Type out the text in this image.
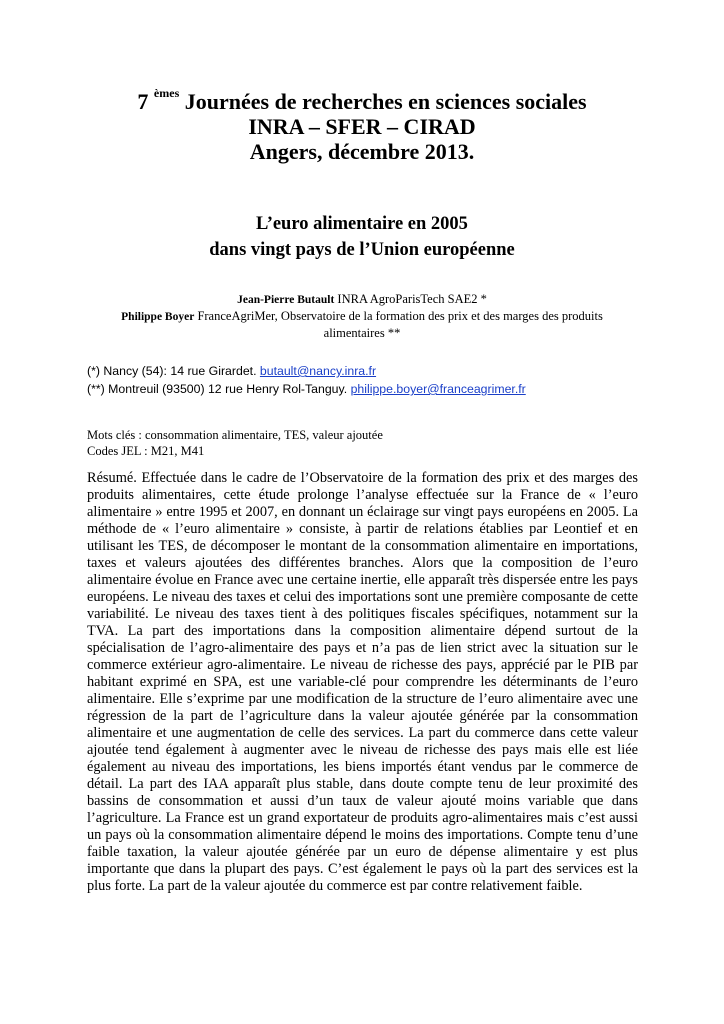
7 $^{èmes}$ Journées de recherches en sciences sociales
INRA – SFER – CIRAD
Angers, décembre 2013.
L’euro alimentaire en 2005
dans vingt pays de l’Union européenne
Jean-Pierre Butault INRA AgroParisTech SAE2 *
Philippe Boyer FranceAgriMer, Observatoire de la formation des prix et des marges des produits alimentaires **
(*) Nancy (54): 14 rue Girardet. butault@nancy.inra.fr
(**) Montreuil (93500) 12 rue Henry Rol-Tanguy. philippe.boyer@franceagrimer.fr
Mots clés : consommation alimentaire, TES, valeur ajoutée
Codes JEL : M21, M41
Résumé. Effectuée dans le cadre de l’Observatoire de la formation des prix et des marges des produits alimentaires, cette étude prolonge l’analyse effectuée sur la France de « l’euro alimentaire » entre 1995 et 2007, en donnant un éclairage sur vingt pays européens en 2005. La méthode de « l’euro alimentaire » consiste, à partir de relations établies par Leontief et en utilisant les TES, de décomposer le montant de la consommation alimentaire en importations, taxes et valeurs ajoutées des différentes branches. Alors que la composition de l’euro alimentaire évolue en France avec une certaine inertie, elle apparaît très dispersée entre les pays européens. Le niveau des taxes et celui des importations sont une première composante de cette variabilité. Le niveau des taxes tient à des politiques fiscales spécifiques, notamment sur la TVA. La part des importations dans la composition alimentaire dépend surtout de la spécialisation de l’agro-alimentaire des pays et n’a pas de lien strict avec la situation sur le commerce extérieur agro-alimentaire. Le niveau de richesse des pays, apprécié par le PIB par habitant exprimé en SPA, est une variable-clé pour comprendre les déterminants de l’euro alimentaire. Elle s’exprime par une modification de la structure de l’euro alimentaire avec une régression de la part de l’agriculture dans la valeur ajoutée générée par la consommation alimentaire et une augmentation de celle des services. La part du commerce dans cette valeur ajoutée tend également à augmenter avec le niveau de richesse des pays mais elle est liée également au niveau des importations, les biens importés étant vendus par le commerce de détail. La part des IAA apparaît plus stable, dans doute compte tenu de leur proximité des bassins de consommation et aussi d’un taux de valeur ajouté moins variable que dans l’agriculture. La France est un grand exportateur de produits agro-alimentaires mais c’est aussi un pays où la consommation alimentaire dépend le moins des importations. Compte tenu d’une faible taxation, la valeur ajoutée générée par un euro de dépense alimentaire y est plus importante que dans la plupart des pays. C’est également le pays où la part des services est la plus forte. La part de la valeur ajoutée du commerce est par contre relativement faible.
